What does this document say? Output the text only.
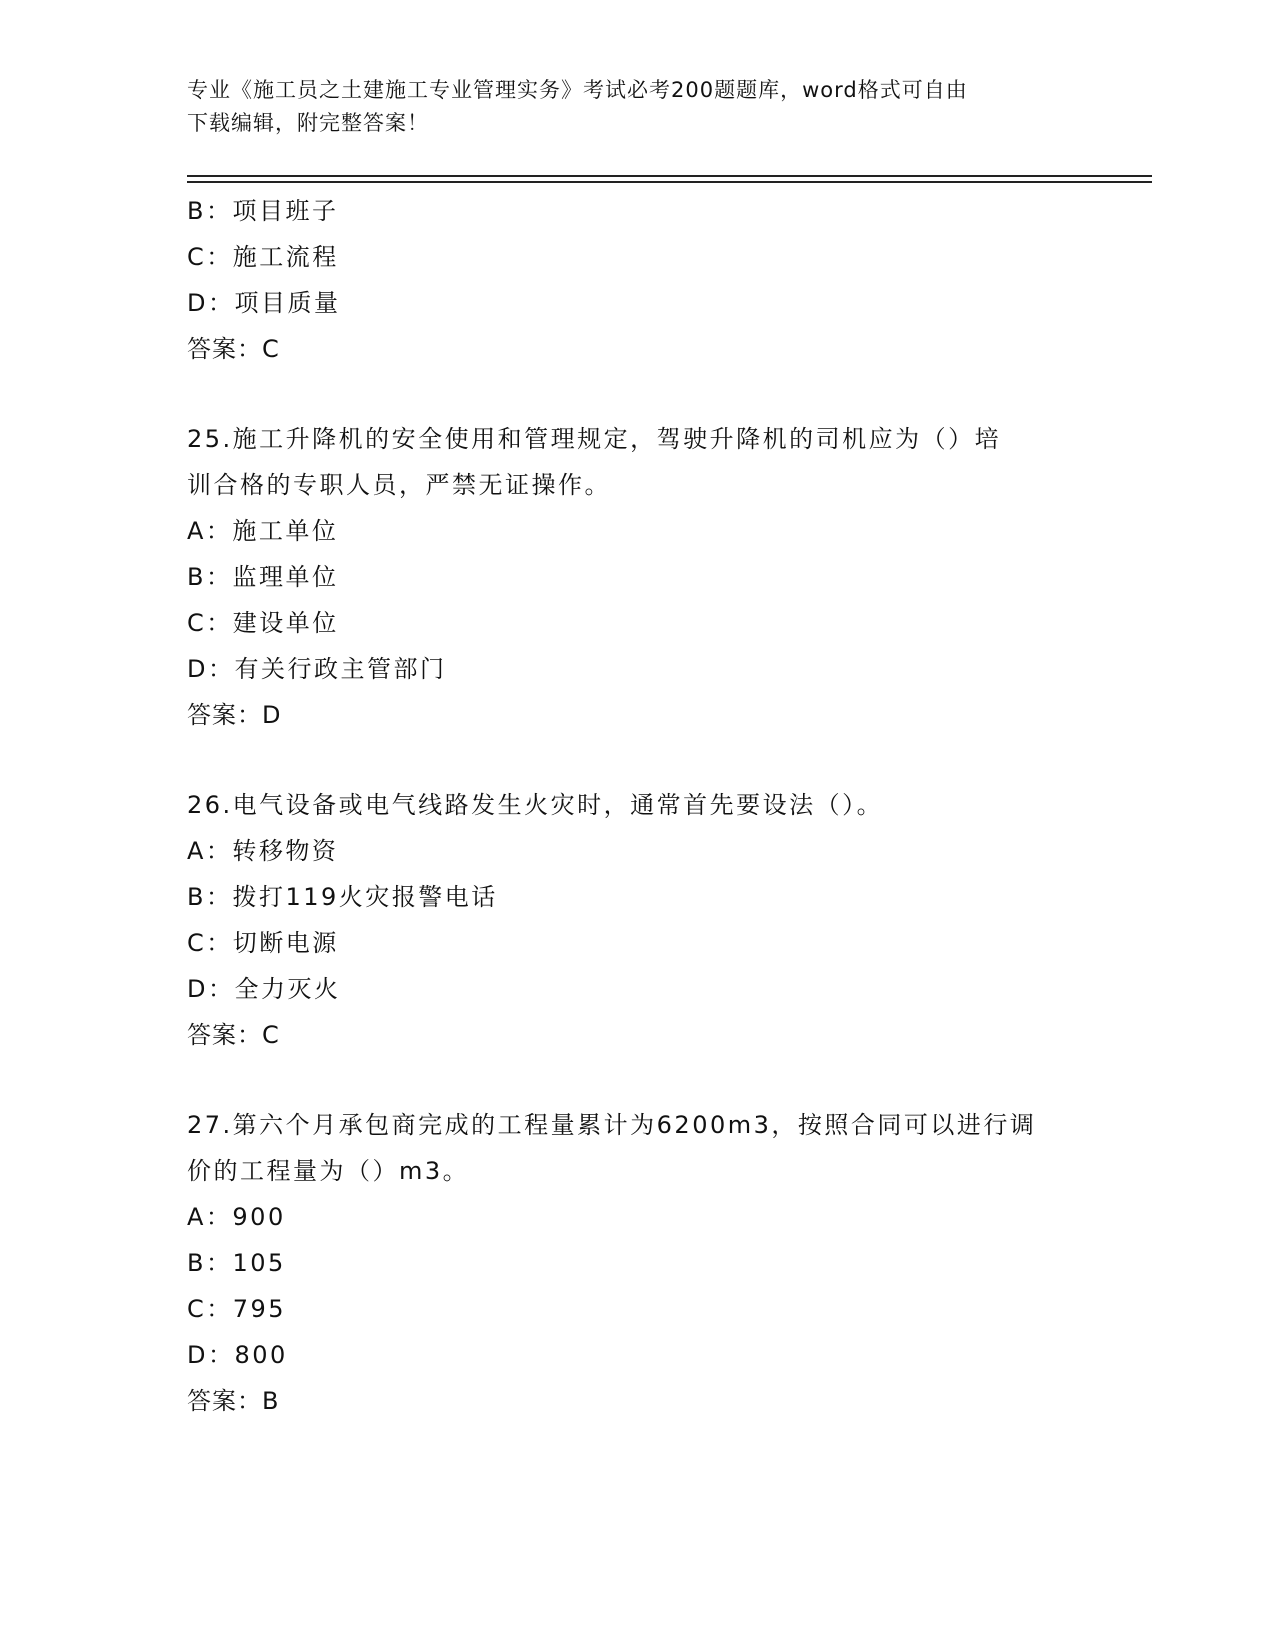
专业《施工员之土建施工专业管理实务》考试必考200题题库，word格式可自由
下载编辑，附完整答案！
B：项目班子
C：施工流程
D：项目质量
答案：C
25.施工升降机的安全使用和管理规定，驾驶升降机的司机应为（）培
训合格的专职人员，严禁无证操作。
A：施工单位
B：监理单位
C：建设单位
D：有关行政主管部门
答案：D
26.电气设备或电气线路发生火灾时，通常首先要设法（）。
A：转移物资
B：拨打119火灾报警电话
C：切断电源
D：全力灭火
答案：C
27.第六个月承包商完成的工程量累计为6200m3，按照合同可以进行调
价的工程量为（）m3。
A：900
B：105
C：795
D：800
答案：B
